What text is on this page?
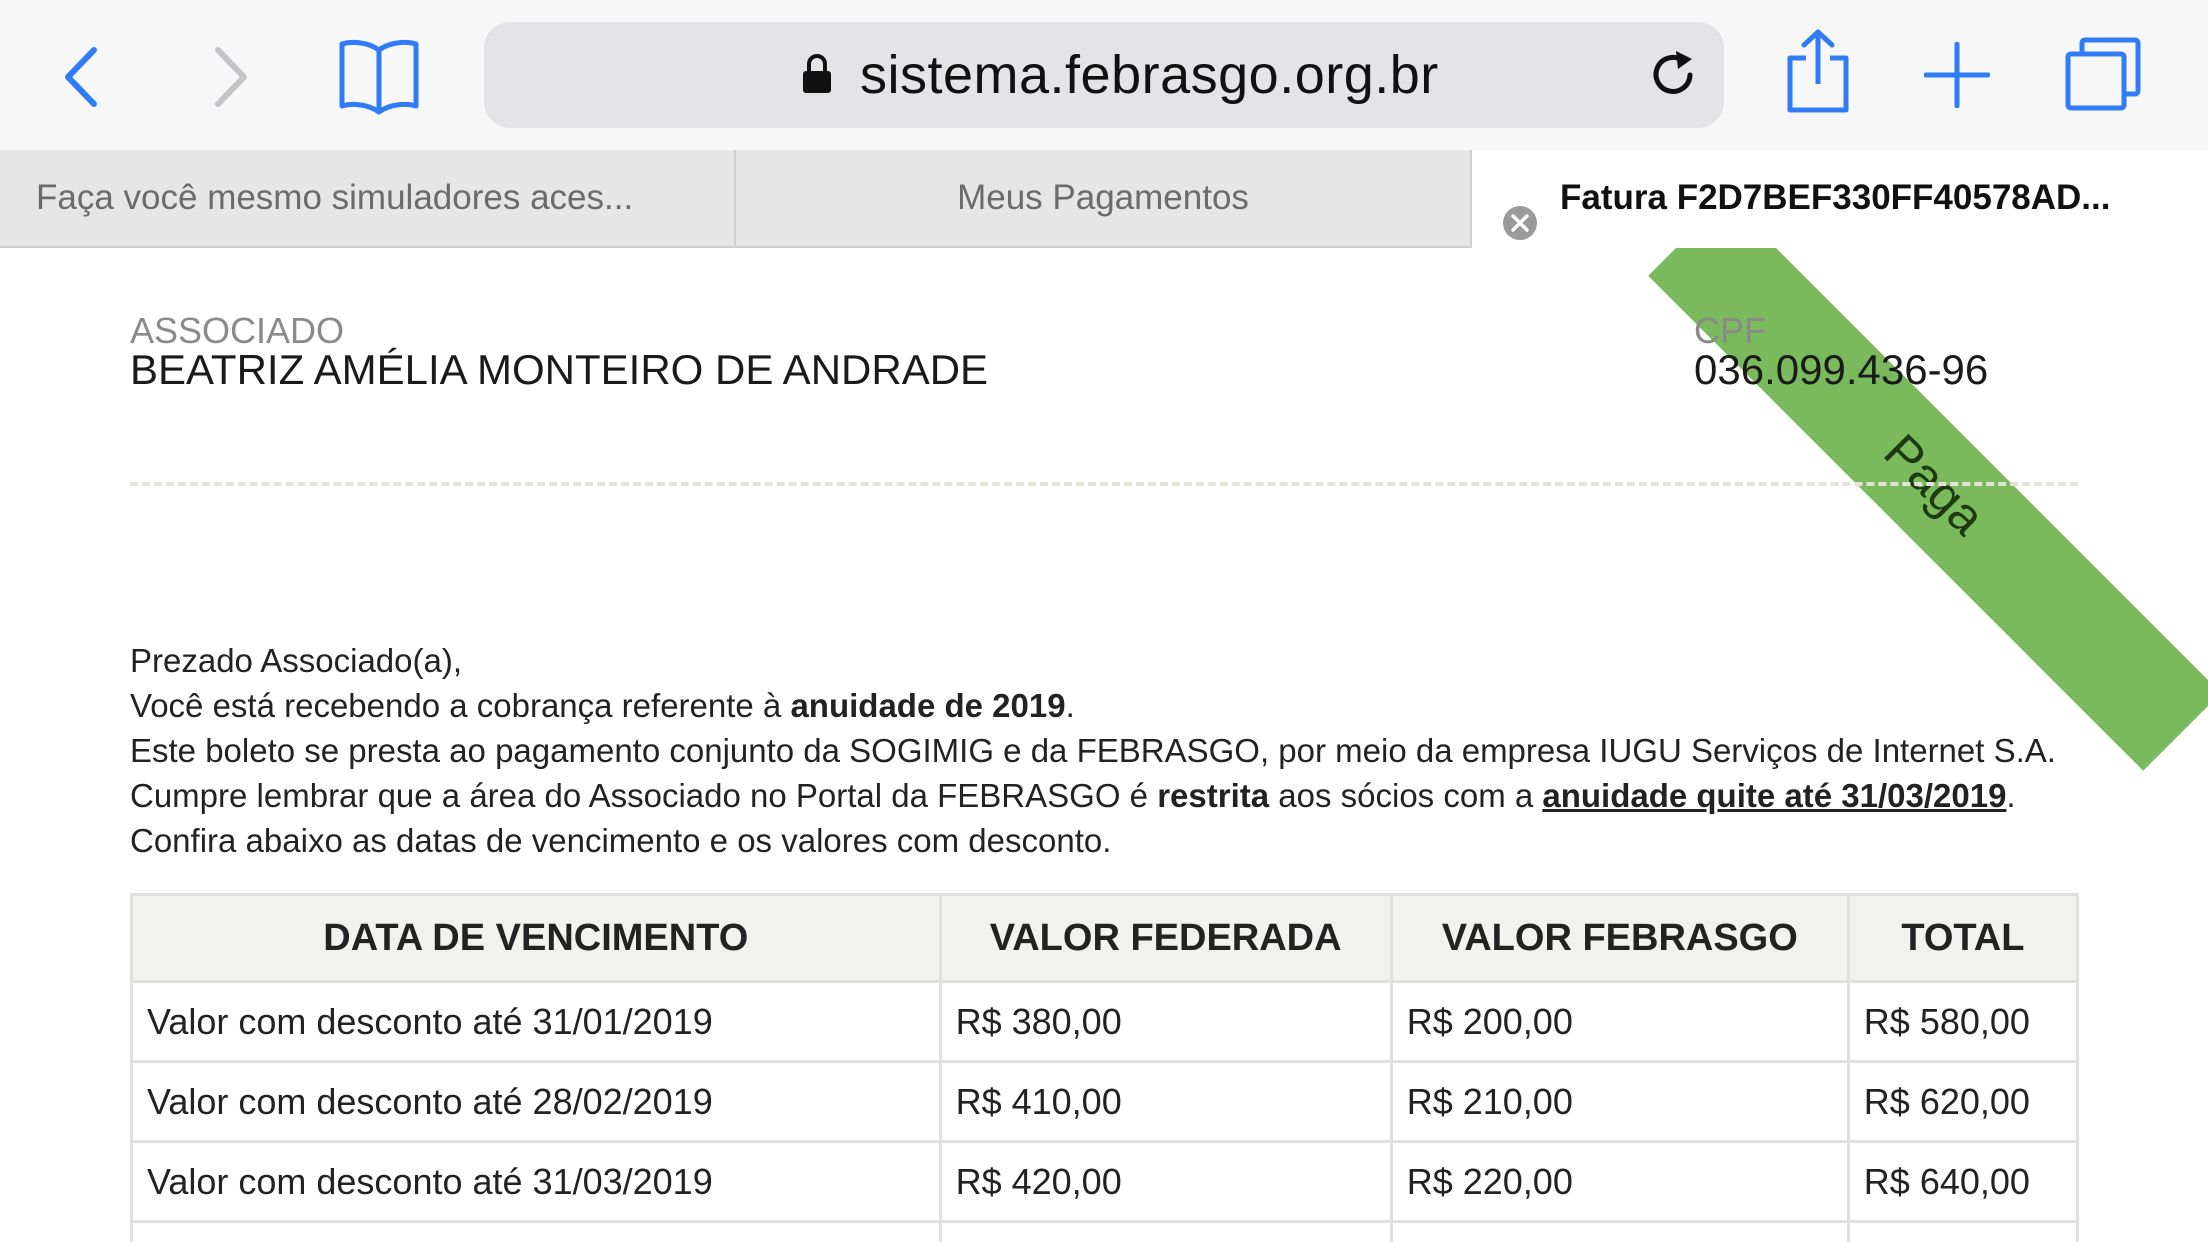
sistema.febrasgo.org.br
Faça você mesmo simuladores aces...	Meus Pagamentos	Fatura F2D7BEF330FF40578AD...
Paga
ASSOCIADO
BEATRIZ AMÉLIA MONTEIRO DE ANDRADE
CPF
036.099.436-96

Prezado Associado(a),

Você está recebendo a cobrança referente à anuidade de 2019.

Este boleto se presta ao pagamento conjunto da SOGIMIG e da FEBRASGO, por meio da empresa IUGU Serviços de Internet S.A.

Cumpre lembrar que a área do Associado no Portal da FEBRASGO é restrita aos sócios com a anuidade quite até 31/03/2019.

Confira abaixo as datas de vencimento e os valores com desconto.

DATA DE VENCIMENTO	VALOR FEDERADA	VALOR FEBRASGO	TOTAL
Valor com desconto até 31/01/2019	R$ 380,00	R$ 200,00	R$ 580,00
Valor com desconto até 28/02/2019	R$ 410,00	R$ 210,00	R$ 620,00
Valor com desconto até 31/03/2019	R$ 420,00	R$ 220,00	R$ 640,00
